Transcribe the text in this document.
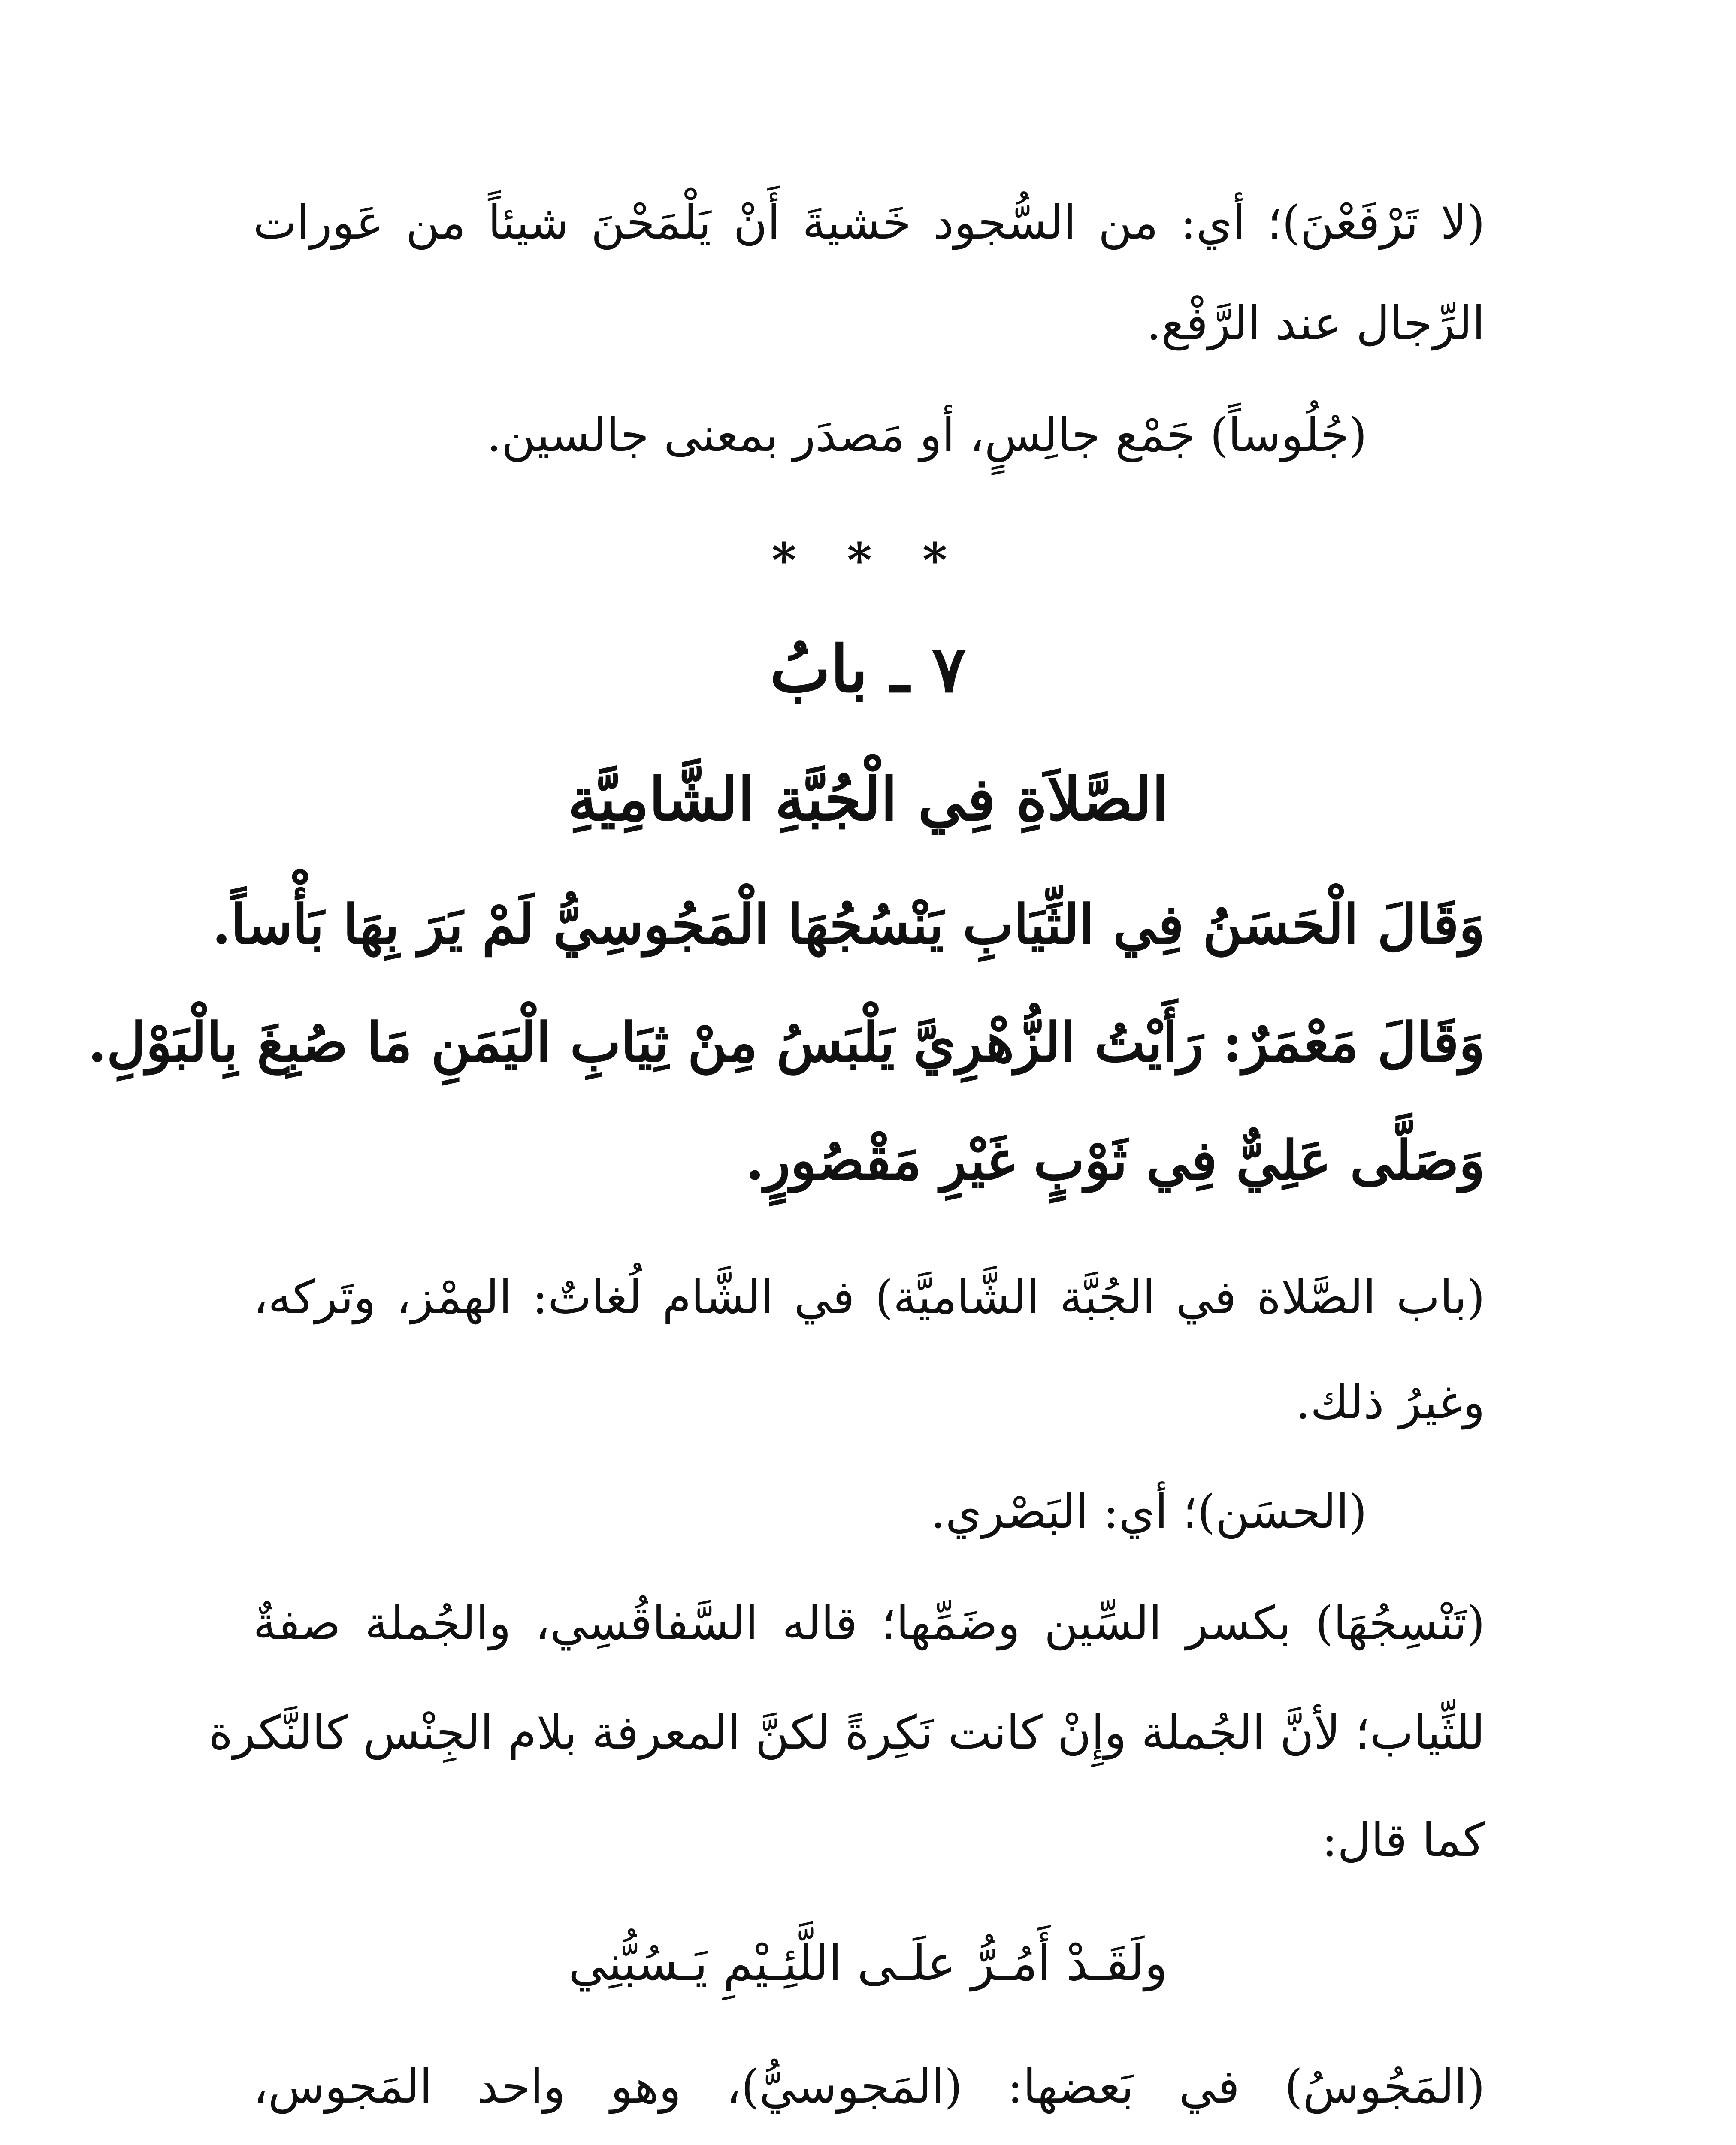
(لا تَرْفَعْنَ)؛ أي: من السُّجود خَشيةَ أَنْ يَلْمَحْنَ شيئاً من عَورات
الرِّجال عند الرَّفْع.
(جُلُوساً) جَمْع جالِسٍ، أو مَصدَر بمعنى جالسين.
* * *
٧ ـ بابُ
الصَّلاَةِ فِي الْجُبَّةِ الشَّامِيَّةِ
وَقَالَ الْحَسَنُ فِي الثِّيَابِ يَنْسُجُهَا الْمَجُوسِيُّ لَمْ يَرَ بِهَا بَأْساً.
وَقَالَ مَعْمَرٌ: رَأَيْتُ الزُّهْرِيَّ يَلْبَسُ مِنْ ثِيَابِ الْيَمَنِ مَا صُبِغَ بِالْبَوْلِ.
وَصَلَّى عَلِيٌّ فِي ثَوْبٍ غَيْرِ مَقْصُورٍ.
(باب الصَّلاة في الجُبَّة الشَّاميَّة) في الشَّام لُغاتٌ: الهمْز، وتَركه،
وغيرُ ذلك.
(الحسَن)؛ أي: البَصْري.
(تَنْسِجُهَا) بكسر السِّين وضَمِّها؛ قاله السَّفاقُسِي، والجُملة صفةٌ
للثِّياب؛ لأنَّ الجُملة وإِنْ كانت نَكِرةً لكنَّ المعرفة بلام الجِنْس كالنَّكرة
كما قال:
ولَقَـدْ أَمُـرُّ علَـى اللَّئِـيْمِ يَـسُبُّنِي
(المَجُوسُ) في بَعضها: (المَجوسيُّ)، وهو واحد المَجوس،
